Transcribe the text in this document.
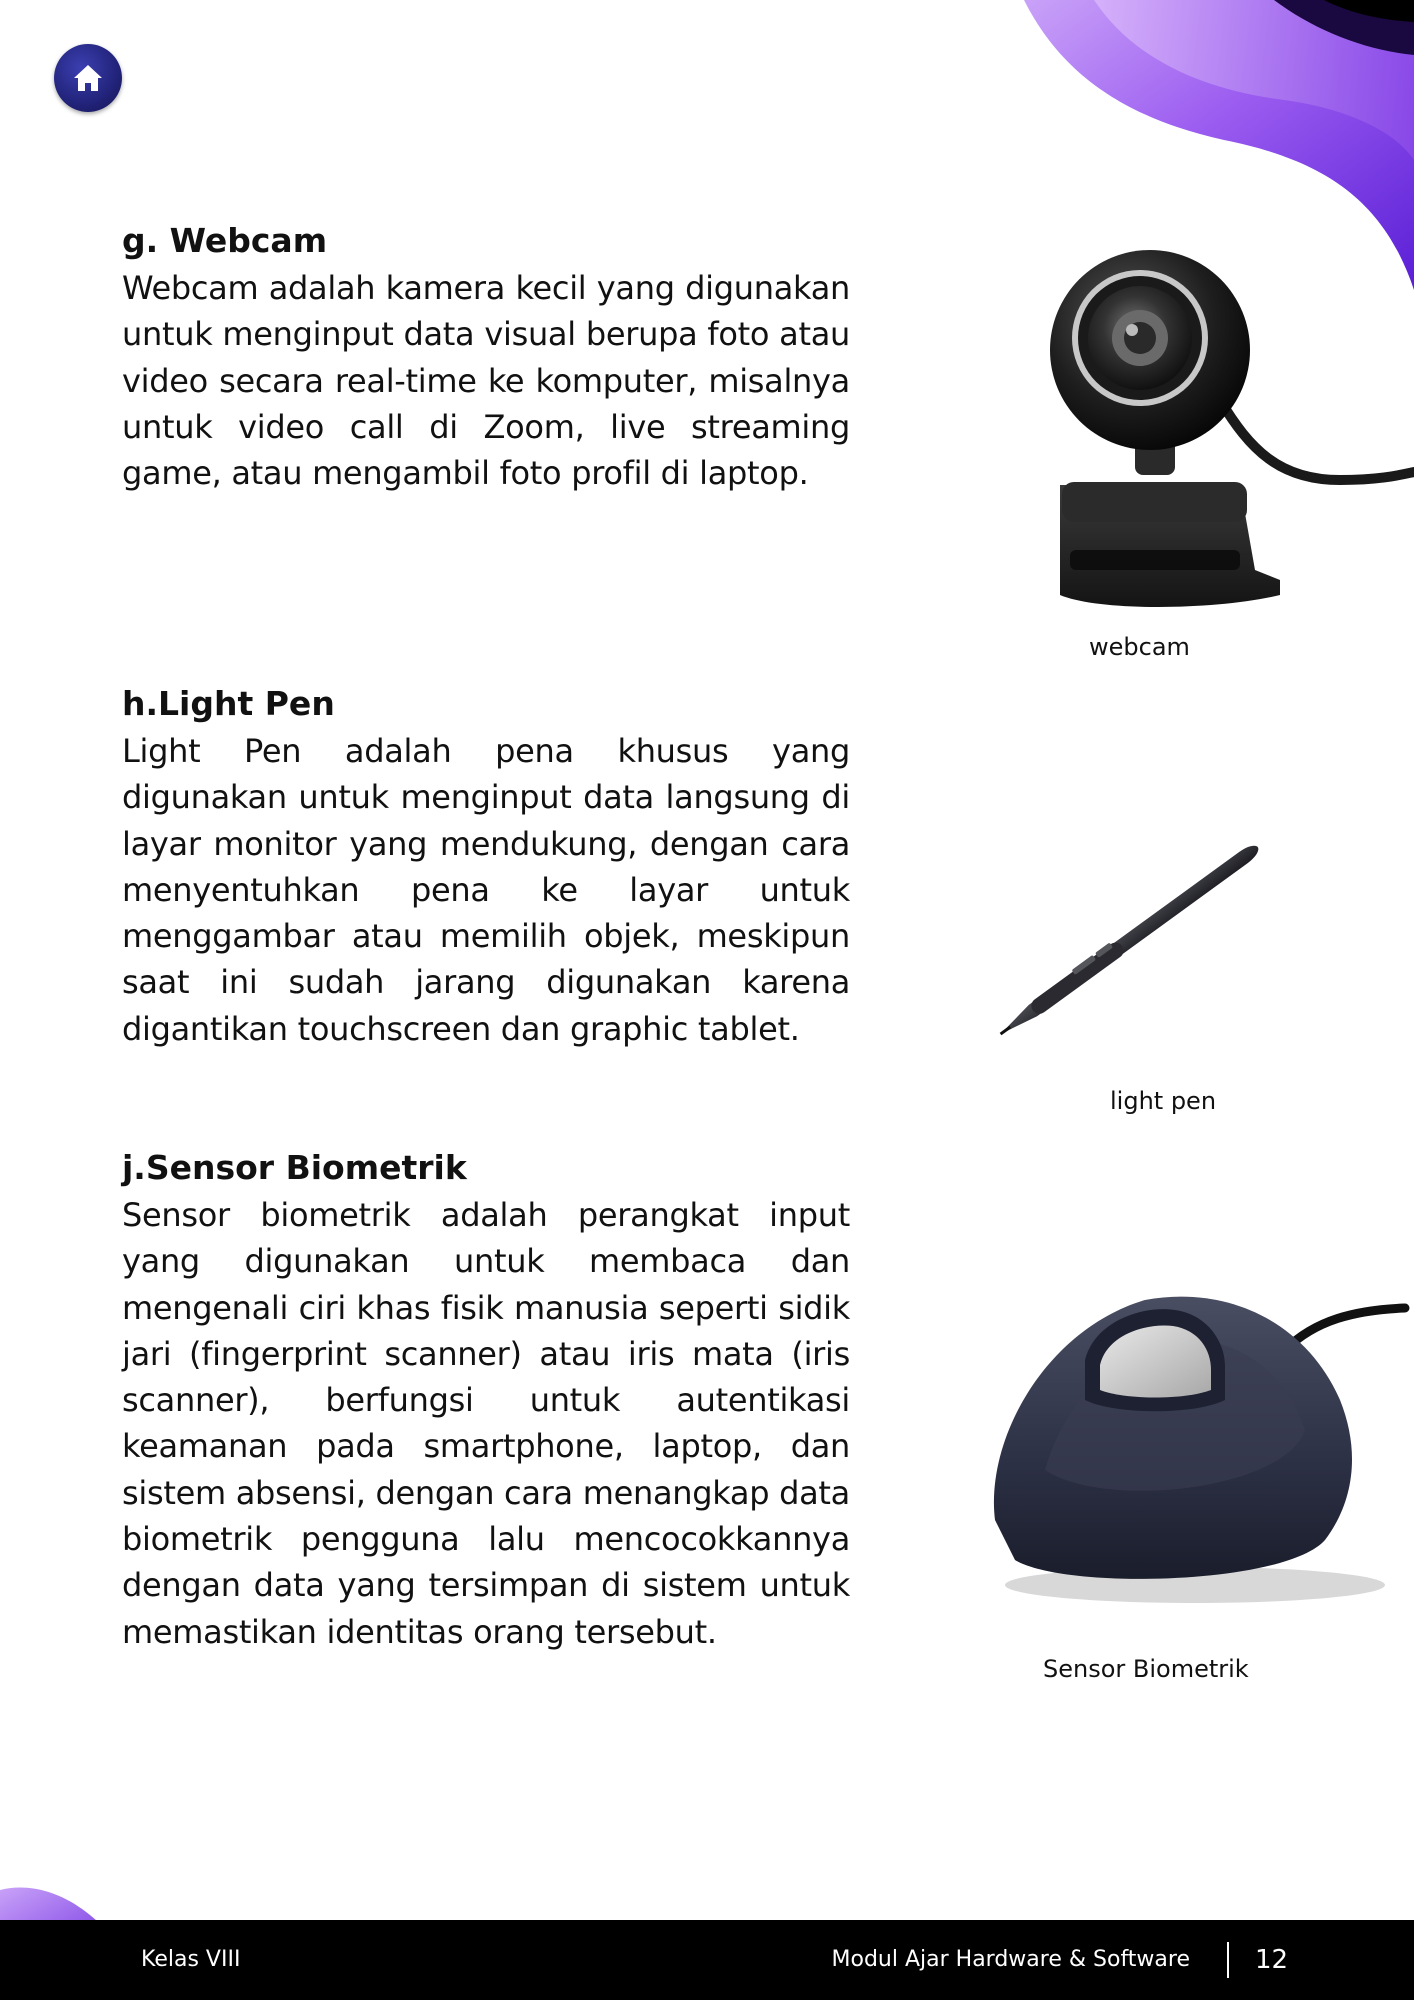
g. Webcam

Webcam adalah kamera kecil yang digunakan untuk menginput data visual berupa foto atau video secara real-time ke komputer, misalnya untuk video call di Zoom, live streaming game, atau mengambil foto profil di laptop.

h.Light Pen

Light Pen adalah pena khusus yang digunakan untuk menginput data langsung di layar monitor yang mendukung, dengan cara menyentuhkan pena ke layar untuk menggambar atau memilih objek, meskipun saat ini sudah jarang digunakan karena digantikan touchscreen dan graphic tablet.

j.Sensor Biometrik

Sensor biometrik adalah perangkat input yang digunakan untuk membaca dan mengenali ciri khas fisik manusia seperti sidik jari (fingerprint scanner) atau iris mata (iris scanner), berfungsi untuk autentikasi keamanan pada smartphone, laptop, dan sistem absensi, dengan cara menangkap data biometrik pengguna lalu mencocokkannya dengan data yang tersimpan di sistem untuk memastikan identitas orang tersebut.

webcam
light pen
Sensor Biometrik
Kelas VIII	Modul Ajar Hardware & Software	12
